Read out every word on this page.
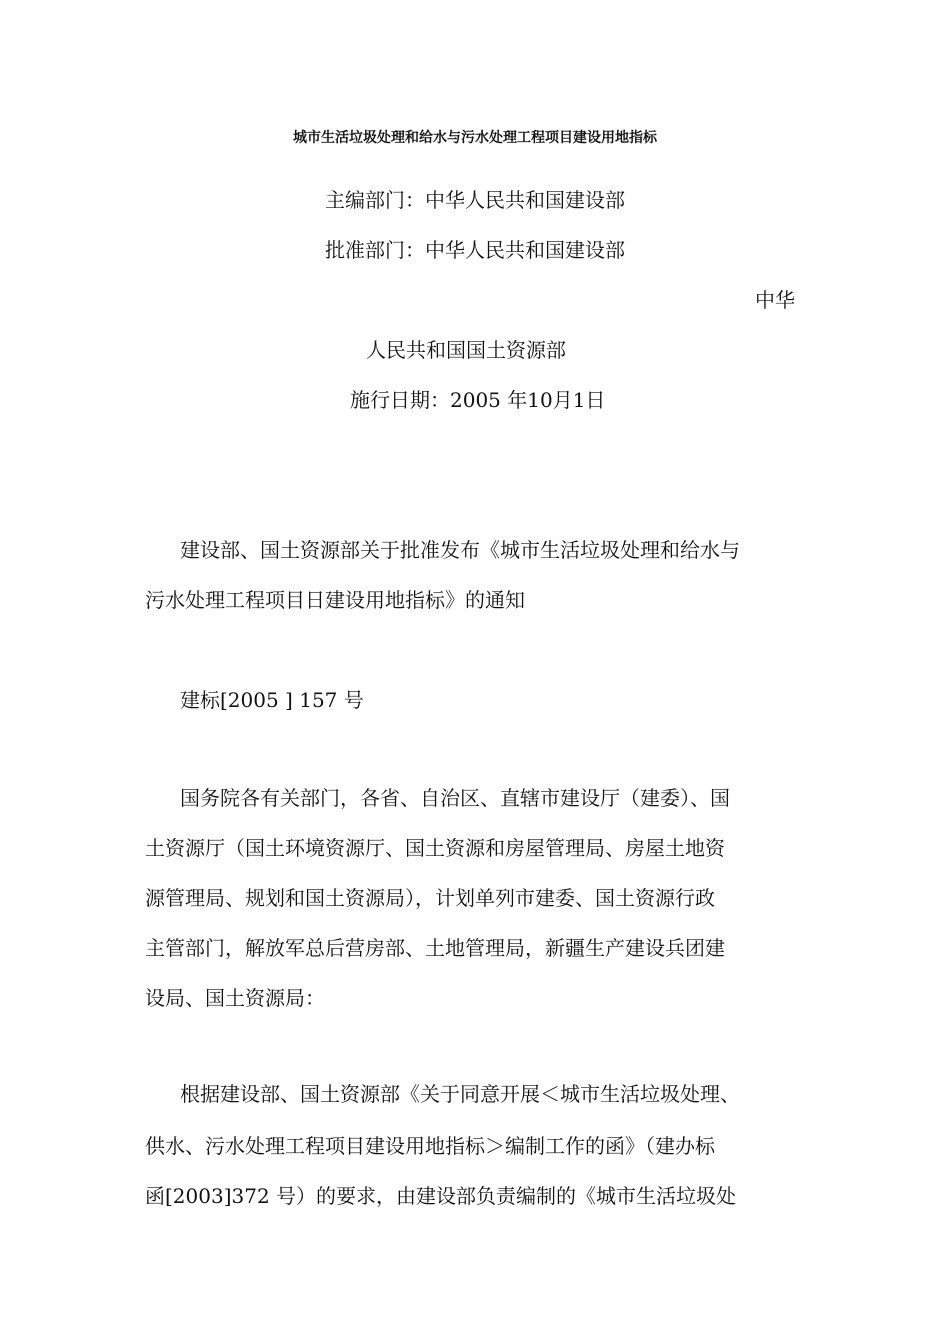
城市生活垃圾处理和给水与污水处理工程项目建设用地指标

主编部门：中华人民共和国建设部

批准部门：中华人民共和国建设部

中华

人民共和国国土资源部

施行日期：2005 年10月1日

建设部、国土资源部关于批准发布《城市生活垃圾处理和给水与

污水处理工程项目日建设用地指标》的通知

建标[2005 ] 157 号

国务院各有关部门，各省、自治区、直辖市建设厅（建委）、国

土资源厅（国土环境资源厅、国土资源和房屋管理局、房屋土地资

源管理局、规划和国土资源局），计划单列市建委、国土资源行政

主管部门，解放军总后营房部、土地管理局，新疆生产建设兵团建

设局、国土资源局：

根据建设部、国土资源部《关于同意开展＜城市生活垃圾处理、

供水、污水处理工程项目建设用地指标＞编制工作的函》（建办标

函[2003]372 号）的要求，由建设部负责编制的《城市生活垃圾处
